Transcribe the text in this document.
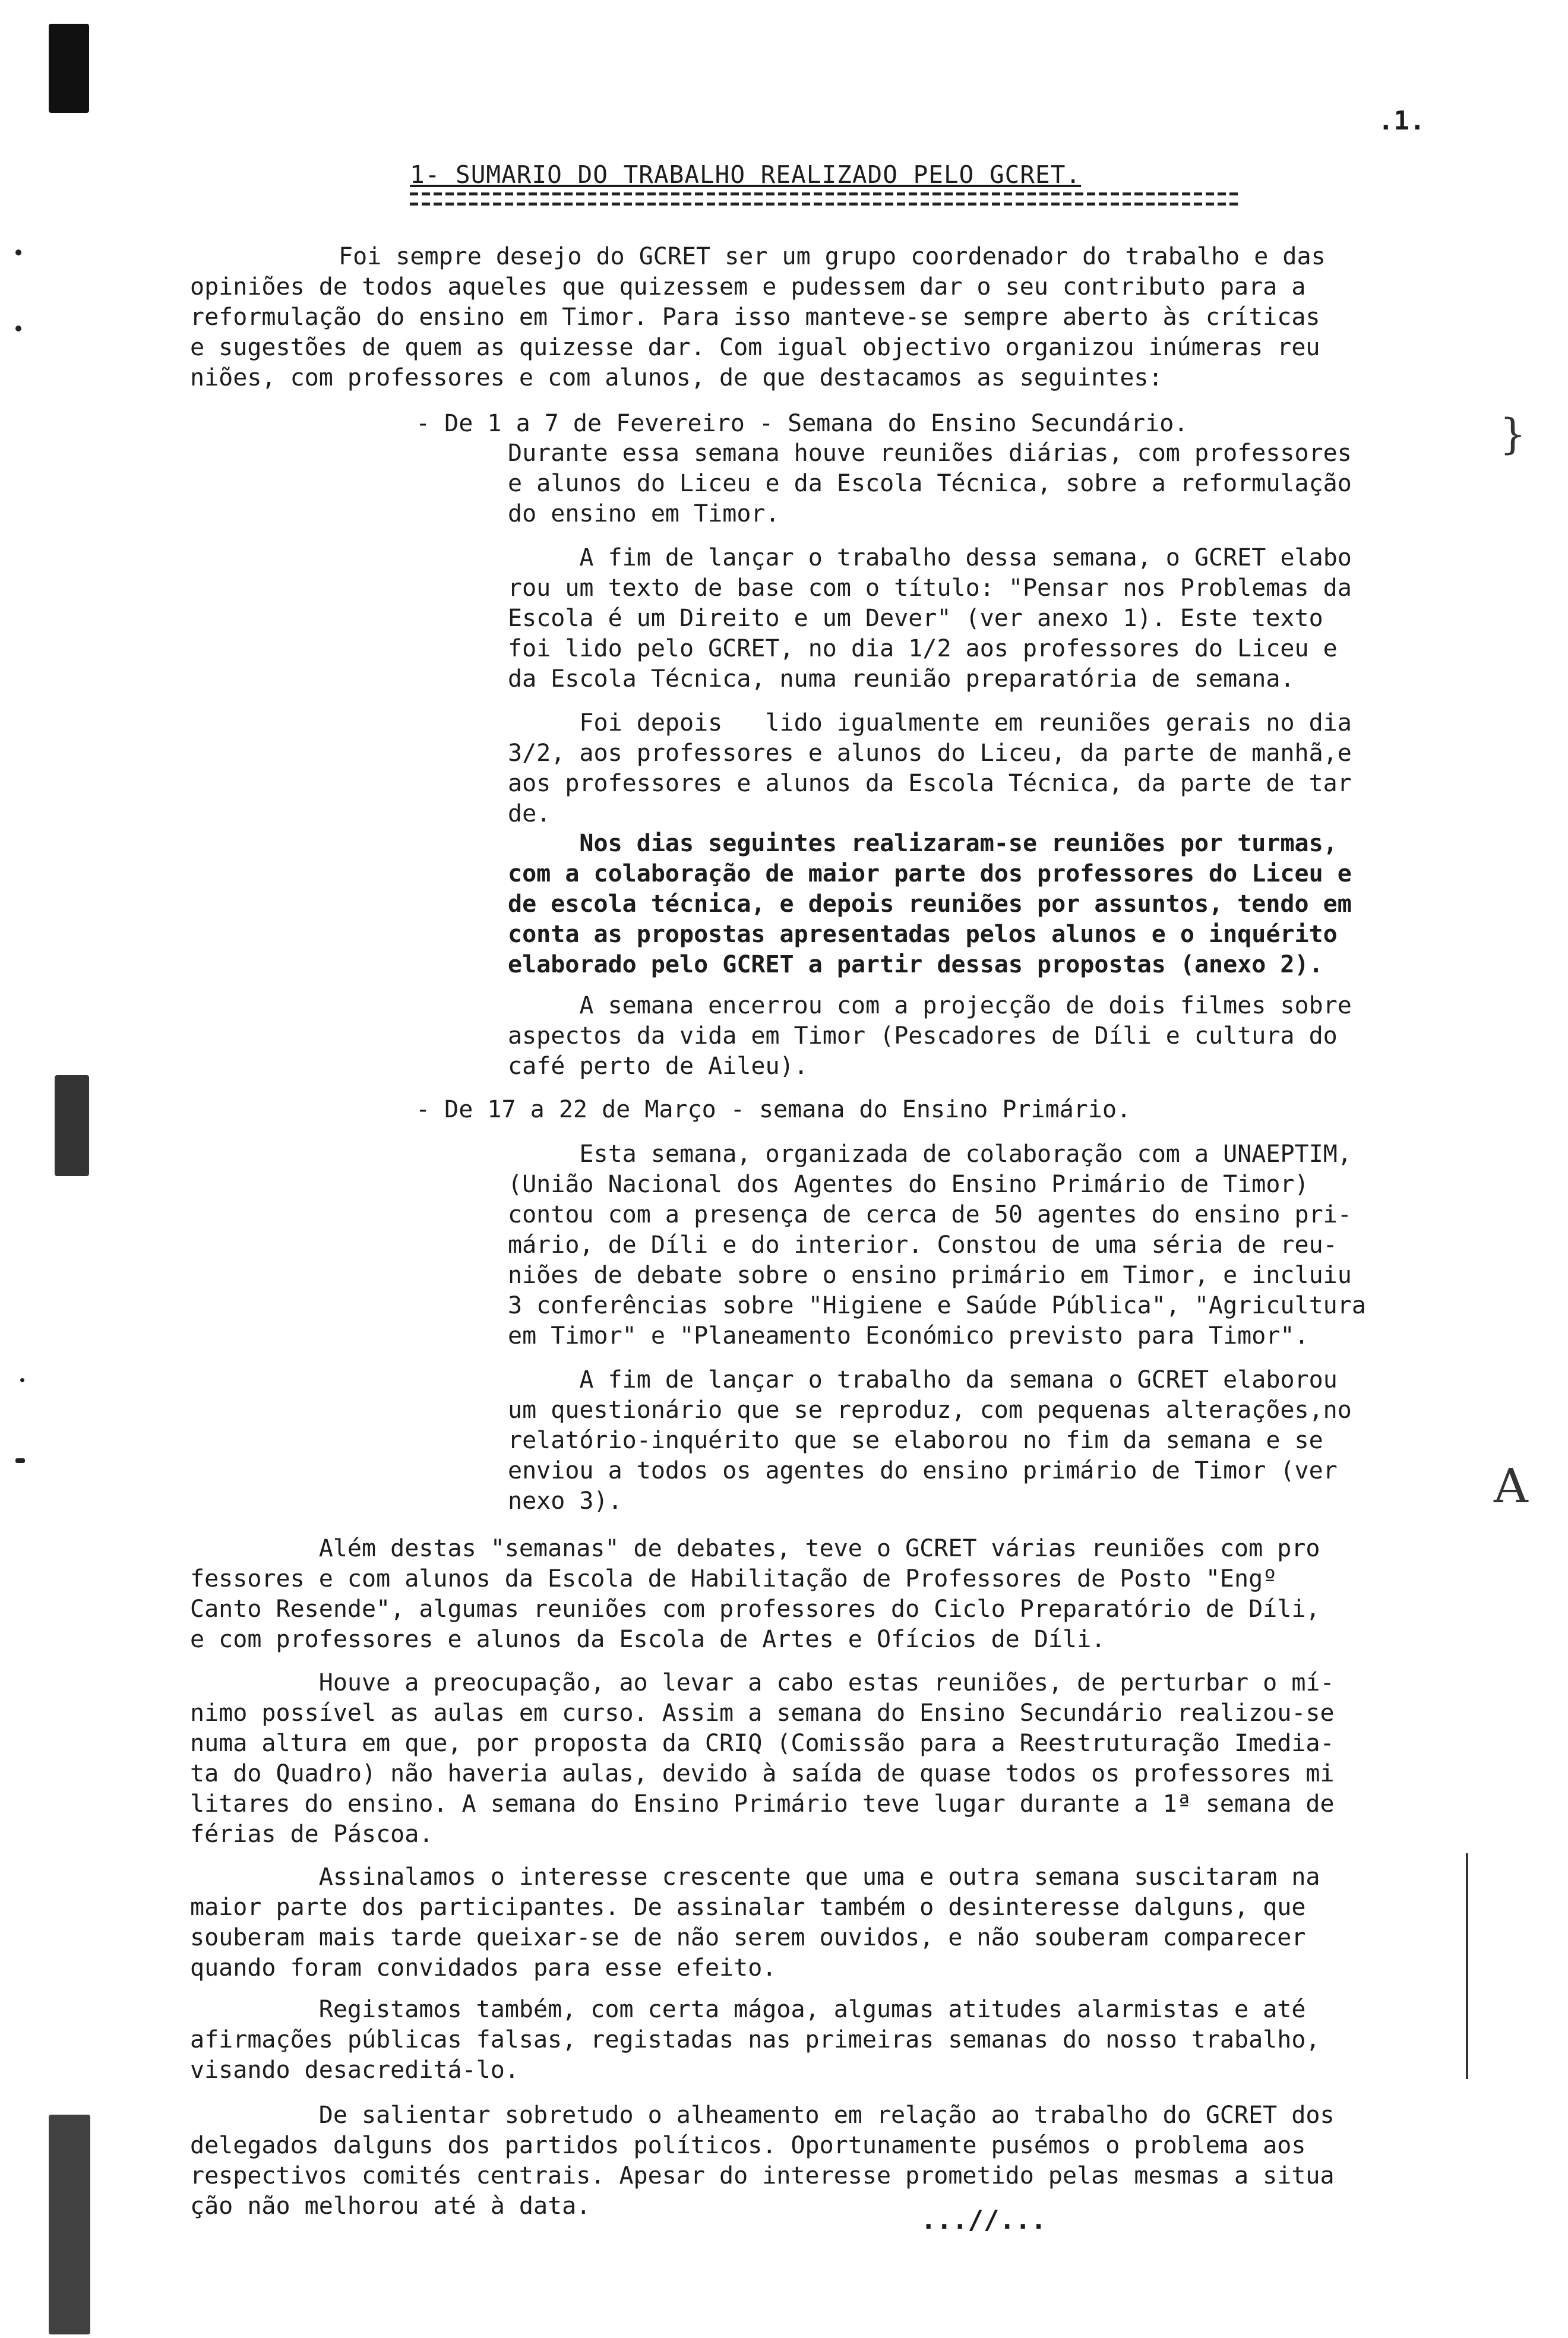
}
A
.1.
1- SUMARIO DO TRABALHO REALIZADO PELO GCRET.

Foi sempre desejo do GCRET ser um grupo coordenador do trabalho e das
opiniões de todos aqueles que quizessem e pudessem dar o seu contributo para a
reformulação do ensino em Timor. Para isso manteve-se sempre aberto às críticas
e sugestões de quem as quizesse dar. Com igual objectivo organizou inúmeras reu
niões, com professores e com alunos, de que destacamos as seguintes:

- De 1 a 7 de Fevereiro - Semana do Ensino Secundário.

Durante essa semana houve reuniões diárias, com professores
e alunos do Liceu e da Escola Técnica, sobre a reformulação
do ensino em Timor.

A fim de lançar o trabalho dessa semana, o GCRET elabo
rou um texto de base com o título: "Pensar nos Problemas da
Escola é um Direito e um Dever" (ver anexo 1). Este texto
foi lido pelo GCRET, no dia 1/2 aos professores do Liceu e
da Escola Técnica, numa reunião preparatória de semana.

Foi depois   lido igualmente em reuniões gerais no dia
3/2, aos professores e alunos do Liceu, da parte de manhã,e
aos professores e alunos da Escola Técnica, da parte de tar
de.

Nos dias seguintes realizaram-se reuniões por turmas,
com a colaboração de maior parte dos professores do Liceu e
de escola técnica, e depois reuniões por assuntos, tendo em
conta as propostas apresentadas pelos alunos e o inquérito
elaborado pelo GCRET a partir dessas propostas (anexo 2).

A semana encerrou com a projecção de dois filmes sobre
aspectos da vida em Timor (Pescadores de Díli e cultura do
café perto de Aileu).

- De 17 a 22 de Março - semana do Ensino Primário.

Esta semana, organizada de colaboração com a UNAEPTIM,
(União Nacional dos Agentes do Ensino Primário de Timor)
contou com a presença de cerca de 50 agentes do ensino pri-
mário, de Díli e do interior. Constou de uma séria de reu-
niões de debate sobre o ensino primário em Timor, e incluiu
3 conferências sobre "Higiene e Saúde Pública", "Agricultura
em Timor" e "Planeamento Económico previsto para Timor".

A fim de lançar o trabalho da semana o GCRET elaborou
um questionário que se reproduz, com pequenas alterações,no
relatório-inquérito que se elaborou no fim da semana e se
enviou a todos os agentes do ensino primário de Timor (ver
nexo 3).

Além destas "semanas" de debates, teve o GCRET várias reuniões com pro
fessores e com alunos da Escola de Habilitação de Professores de Posto "Engº
Canto Resende", algumas reuniões com professores do Ciclo Preparatório de Díli,
e com professores e alunos da Escola de Artes e Ofícios de Díli.

Houve a preocupação, ao levar a cabo estas reuniões, de perturbar o mí-
nimo possível as aulas em curso. Assim a semana do Ensino Secundário realizou-se
numa altura em que, por proposta da CRIQ (Comissão para a Reestruturação Imedia-
ta do Quadro) não haveria aulas, devido à saída de quase todos os professores mi
litares do ensino. A semana do Ensino Primário teve lugar durante a 1ª semana de
férias de Páscoa.

Assinalamos o interesse crescente que uma e outra semana suscitaram na
maior parte dos participantes. De assinalar também o desinteresse dalguns, que
souberam mais tarde queixar-se de não serem ouvidos, e não souberam comparecer
quando foram convidados para esse efeito.

Registamos também, com certa mágoa, algumas atitudes alarmistas e até
afirmações públicas falsas, registadas nas primeiras semanas do nosso trabalho,
visando desacreditá-lo.

De salientar sobretudo o alheamento em relação ao trabalho do GCRET dos
delegados dalguns dos partidos políticos. Oportunamente pusémos o problema aos
respectivos comités centrais. Apesar do interesse prometido pelas mesmas a situa
ção não melhorou até à data.	...//...
